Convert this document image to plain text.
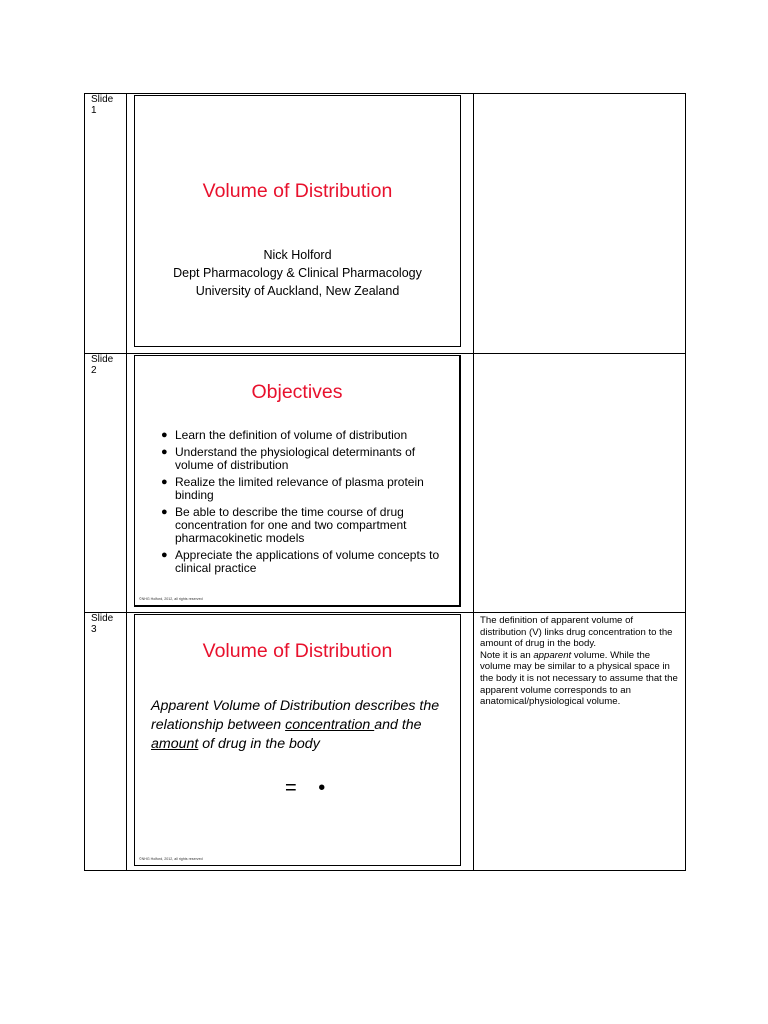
Slide
1
Volume of Distribution
Nick Holford
Dept Pharmacology & Clinical Pharmacology
University of Auckland, New Zealand
Slide
2
Objectives
● Learn the definition of volume of distribution
● Understand the physiological determinants of volume of distribution
● Realize the limited relevance of plasma protein binding
● Be able to describe the time course of drug concentration for one and two compartment pharmacokinetic models
● Appreciate the applications of volume concepts to clinical practice
©NHG Holford, 2012, all rights reserved
Slide
3
Volume of Distribution
Apparent Volume of Distribution describes the relationship between concentration and the amount of drug in the body
= •
©NHG Holford, 2012, all rights reserved
The definition of apparent volume of distribution (V) links drug concentration to the amount of drug in the body.
Note it is an apparent volume. While the volume may be similar to a physical space in the body it is not necessary to assume that the apparent volume corresponds to an anatomical/physiological volume.
